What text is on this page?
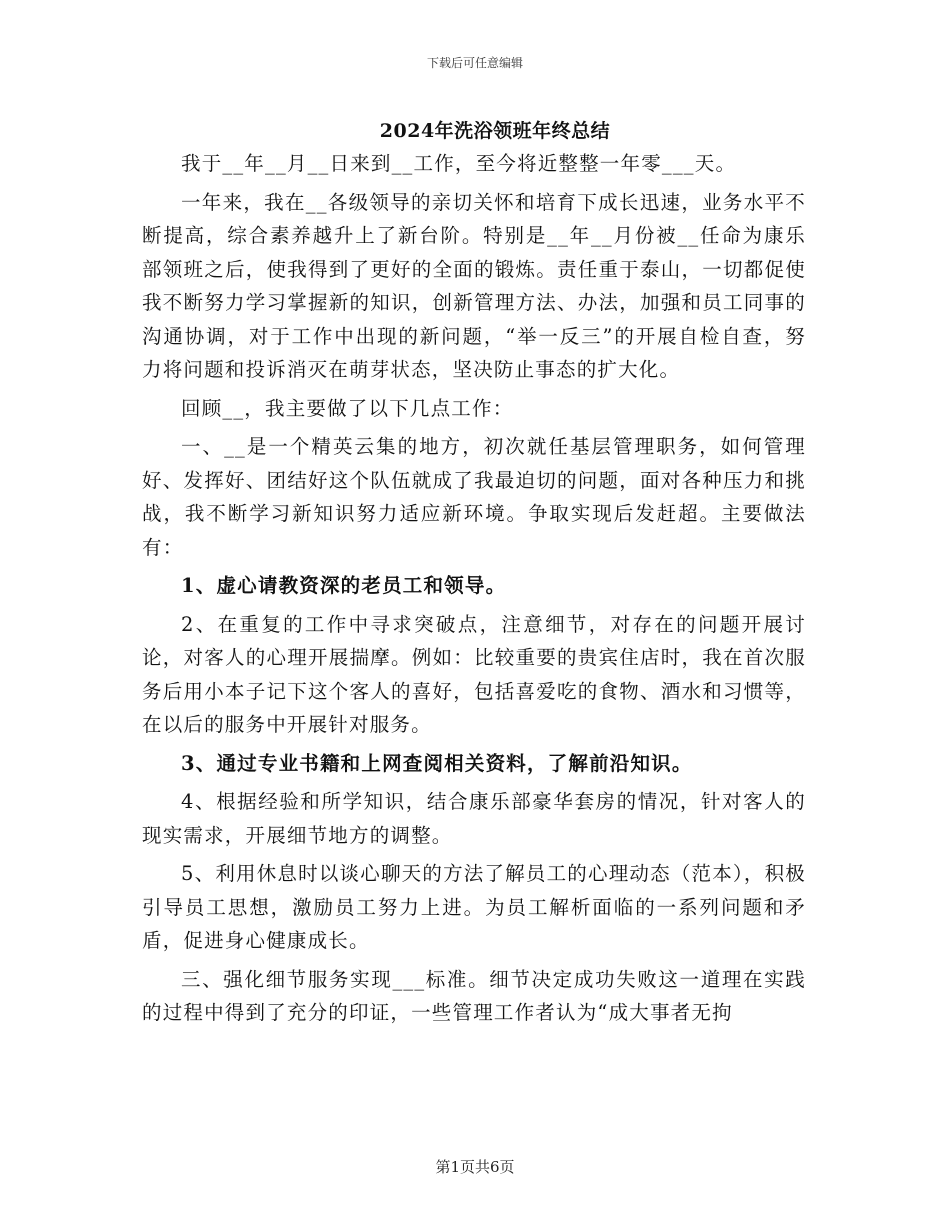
下载后可任意编辑
2024年洗浴领班年终总结

我于__年__月__日来到__工作，至今将近整整一年零___天。

一年来，我在__各级领导的亲切关怀和培育下成长迅速，业务水平不断提高，综合素养越升上了新台阶。特别是__年__月份被__任命为康乐部领班之后，使我得到了更好的全面的锻炼。责任重于泰山，一切都促使我不断努力学习掌握新的知识，创新管理方法、办法，加强和员工同事的沟通协调，对于工作中出现的新问题，“举一反三”的开展自检自查，努力将问题和投诉消灭在萌芽状态，坚决防止事态的扩大化。

回顾__，我主要做了以下几点工作：

一、__是一个精英云集的地方，初次就任基层管理职务，如何管理好、发挥好、团结好这个队伍就成了我最迫切的问题，面对各种压力和挑战，我不断学习新知识努力适应新环境。争取实现后发赶超。主要做法有：

1、虚心请教资深的老员工和领导。

2、在重复的工作中寻求突破点，注意细节，对存在的问题开展讨论，对客人的心理开展揣摩。例如：比较重要的贵宾住店时，我在首次服务后用小本子记下这个客人的喜好，包括喜爱吃的食物、酒水和习惯等，在以后的服务中开展针对服务。

3、通过专业书籍和上网查阅相关资料，了解前沿知识。

4、根据经验和所学知识，结合康乐部豪华套房的情况，针对客人的现实需求，开展细节地方的调整。

5、利用休息时以谈心聊天的方法了解员工的心理动态（范本），积极引导员工思想，激励员工努力上进。为员工解析面临的一系列问题和矛盾，促进身心健康成长。

三、强化细节服务实现___标准。细节决定成功失败这一道理在实践的过程中得到了充分的印证，一些管理工作者认为“成大事者无拘

第1页共6页
